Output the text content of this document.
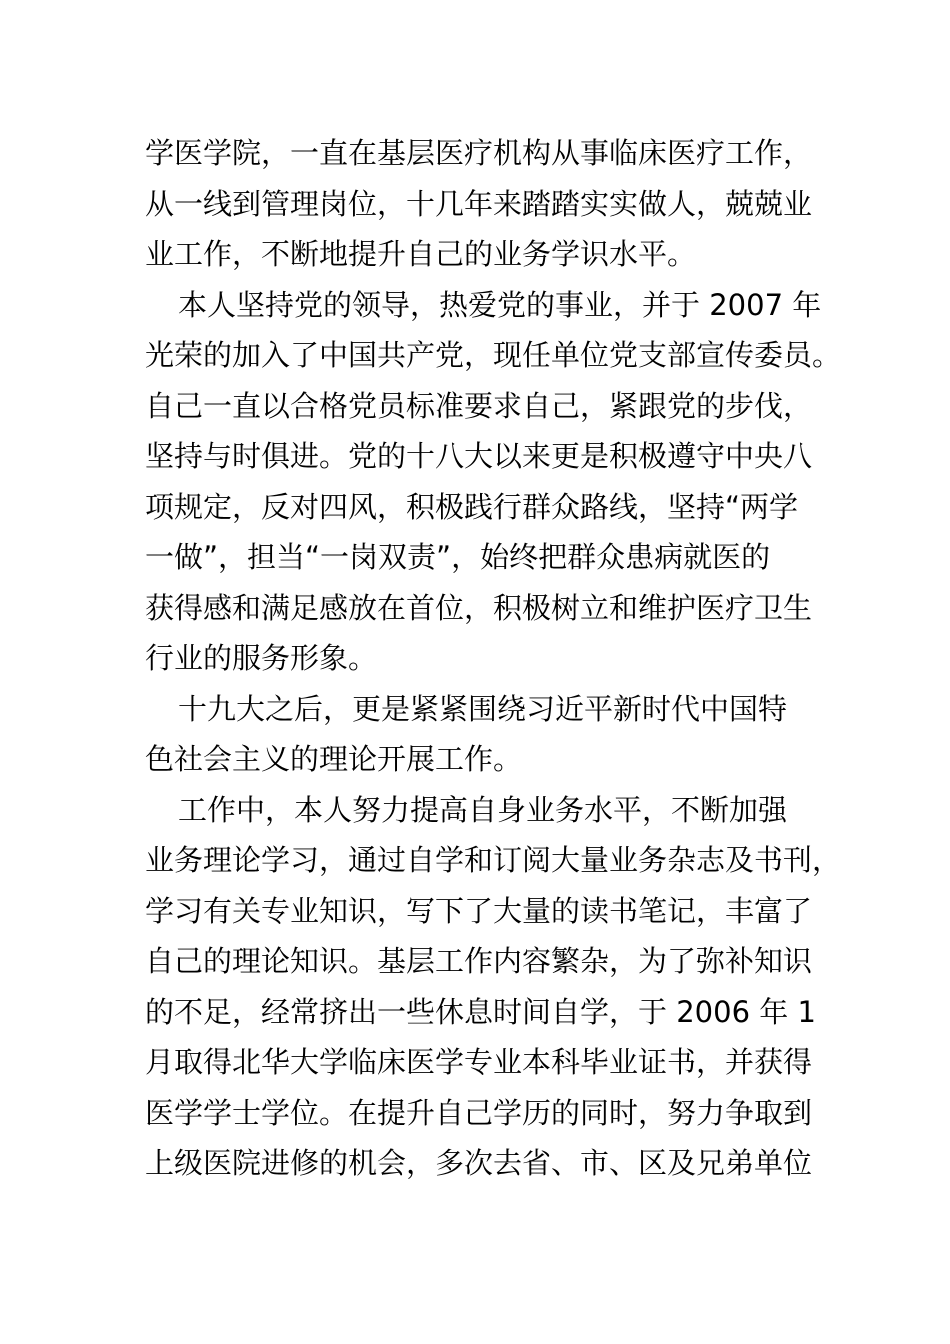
学医学院，一直在基层医疗机构从事临床医疗工作，
从一线到管理岗位，十几年来踏踏实实做人，兢兢业
业工作，不断地提升自己的业务学识水平。

本人坚持党的领导，热爱党的事业，并于 2007 年
光荣的加入了中国共产党，现任单位党支部宣传委员。
自己一直以合格党员标准要求自己，紧跟党的步伐，
坚持与时俱进。党的十八大以来更是积极遵守中央八
项规定，反对四风，积极践行群众路线，坚持“两学
一做”，担当“一岗双责”，始终把群众患病就医的
获得感和满足感放在首位，积极树立和维护医疗卫生
行业的服务形象。

十九大之后，更是紧紧围绕习近平新时代中国特
色社会主义的理论开展工作。

工作中，本人努力提高自身业务水平，不断加强
业务理论学习，通过自学和订阅大量业务杂志及书刊，
学习有关专业知识，写下了大量的读书笔记，丰富了
自己的理论知识。基层工作内容繁杂，为了弥补知识
的不足，经常挤出一些休息时间自学，于 2006 年 1
月取得北华大学临床医学专业本科毕业证书，并获得
医学学士学位。在提升自己学历的同时，努力争取到
上级医院进修的机会，多次去省、市、区及兄弟单位
